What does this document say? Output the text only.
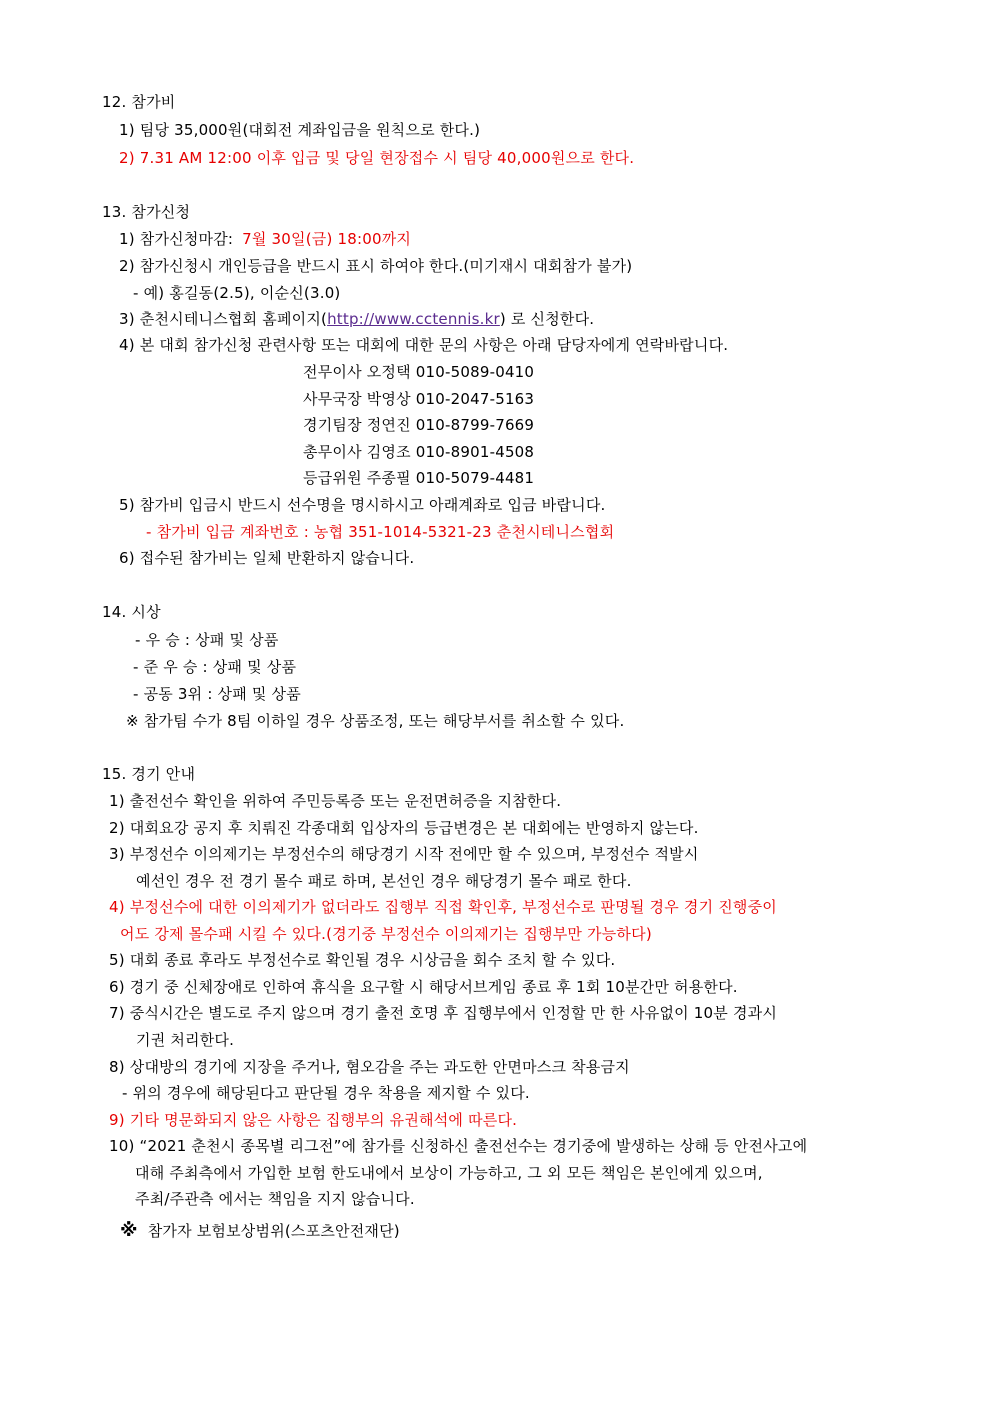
12. 참가비
1) 팀당 35,000원(대회전 계좌입금을 원칙으로 한다.)
2) 7.31 AM 12:00 이후 입금 및 당일 현장접수 시 팀당 40,000원으로 한다.
13. 참가신청
1) 참가신청마감: 7월 30일(금) 18:00까지
2) 참가신청시 개인등급을 반드시 표시 하여야 한다.(미기재시 대회참가 불가)
- 예) 홍길동(2.5), 이순신(3.0)
3) 춘천시테니스협회 홈페이지(http://www.cctennis.kr) 로 신청한다.
4) 본 대회 참가신청 관련사항 또는 대회에 대한 문의 사항은 아래 담당자에게 연락바랍니다.
전무이사 오정택 010-5089-0410
사무국장 박영상 010-2047-5163
경기팀장 정연진 010-8799-7669
총무이사 김영조 010-8901-4508
등급위원 주종필 010-5079-4481
5) 참가비 입금시 반드시 선수명을 명시하시고 아래계좌로 입금 바랍니다.
- 참가비 입금 계좌번호 : 농협 351-1014-5321-23 춘천시테니스협회
6) 접수된 참가비는 일체 반환하지 않습니다.
14. 시상
- 우 승 : 상패 및 상품
- 준 우 승 : 상패 및 상품
- 공동 3위 : 상패 및 상품
※ 참가팀 수가 8팀 이하일 경우 상품조정, 또는 해당부서를 취소할 수 있다.
15. 경기 안내
1) 출전선수 확인을 위하여 주민등록증 또는 운전면허증을 지참한다.
2) 대회요강 공지 후 치뤄진 각종대회 입상자의 등급변경은 본 대회에는 반영하지 않는다.
3) 부정선수 이의제기는 부정선수의 해당경기 시작 전에만 할 수 있으며, 부정선수 적발시
예선인 경우 전 경기 몰수 패로 하며, 본선인 경우 해당경기 몰수 패로 한다.
4) 부정선수에 대한 이의제기가 없더라도 집행부 직접 확인후, 부정선수로 판명될 경우 경기 진행중이
어도 강제 몰수패 시킬 수 있다.(경기중 부정선수 이의제기는 집행부만 가능하다)
5) 대회 종료 후라도 부정선수로 확인될 경우 시상금을 회수 조치 할 수 있다.
6) 경기 중 신체장애로 인하여 휴식을 요구할 시 해당서브게임 종료 후 1회 10분간만 허용한다.
7) 중식시간은 별도로 주지 않으며 경기 출전 호명 후 집행부에서 인정할 만 한 사유없이 10분 경과시
기권 처리한다.
8) 상대방의 경기에 지장을 주거나, 혐오감을 주는 과도한 안면마스크 착용금지
- 위의 경우에 해당된다고 판단될 경우 착용을 제지할 수 있다.
9) 기타 명문화되지 않은 사항은 집행부의 유권해석에 따른다.
10) “2021 춘천시 종목별 리그전”에 참가를 신청하신 출전선수는 경기중에 발생하는 상해 등 안전사고에
대해 주최측에서 가입한 보험 한도내에서 보상이 가능하고, 그 외 모든 책임은 본인에게 있으며,
주최/주관측 에서는 책임을 지지 않습니다.
※ 참가자 보험보상범위(스포츠안전재단)
